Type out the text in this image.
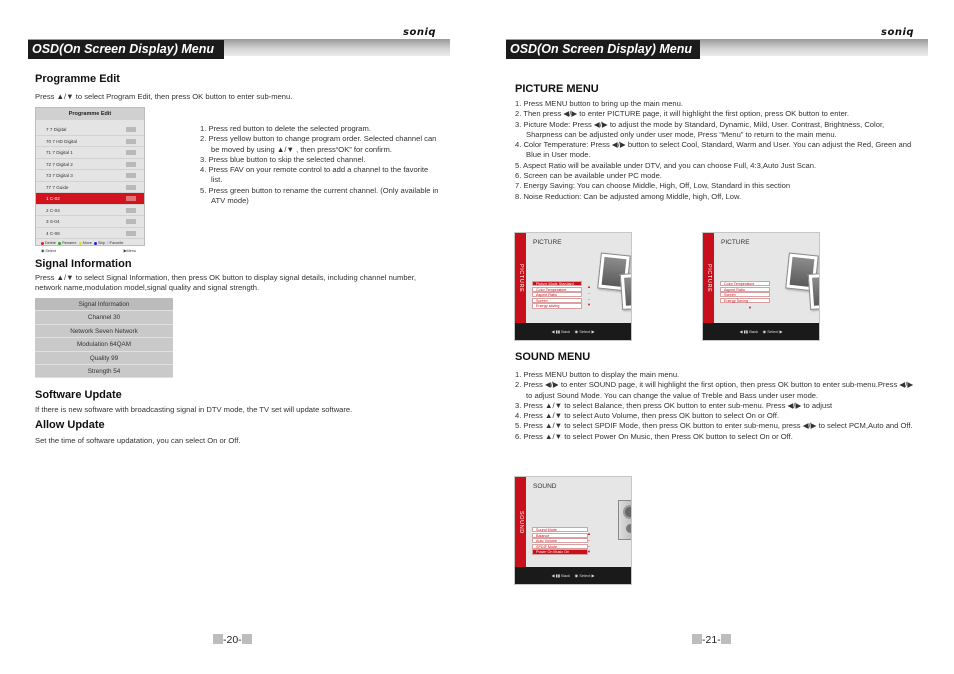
soniq
OSD(On Screen Display) Menu
Programme Edit
Press ▲/▼ to select Program Edit, then press OK button to enter sub-menu.
Programme Edit
7 7 Digital
70 7 HD Digital
71 7 Digital 1
72 7 Digital 2
73 7 Digital 3
77 7 Guide
1 C-02
2 C-04
3 S-04
4 C-06
Delete Rename Move Skip □Favorite
◉ Select	▶Menu
1. Press red button to delete the selected program.
2. Press yellow button to change program order. Selected channel can be moved by using ▲/▼ , then press“OK” for confirm.
3. Press blue button to skip the selected channel.
4. Press FAV on your remote control to add a channel to the favorite list.
5. Press green button to rename the current channel. (Only available in ATV mode)
Signal Information
Press ▲/▼ to select Signal Information, then press OK button to display signal details, including channel number, network name,modulation model,signal quality and signal strength.
Signal Information
Channel 30
Network Seven Network
Modulation 64QAM
Quality 99
Strength 54
Software Update
If there is new software with broadcasting signal in DTV mode, the TV set will update software.
Allow Update
Set the time of software updatation, you can select On or Off.
-20-
soniq
OSD(On Screen Display) Menu
PICTURE MENU
1. Press MENU button to bring up the main menu.
2. Then press ◀/▶ to enter PICTURE page, it will highlight the first option, press OK button to enter.
3. Picture Mode: Press ◀/▶ to adjust the mode by Standard, Dynamic, Mild, User. Contrast, Brightness, Color, Sharpness can be adjusted only under user mode, Press “Menu” to return to the main menu.
4. Color Temperature: Press ◀/▶ button to select Cool, Standard, Warm and User. You can adjust the Red, Green and Blue in User mode.
5. Aspect Ratio will be available under DTV, and you can choose Full, 4:3,Auto Just Scan.
6. Screen can be available under PC mode.
7. Energy Saving: You can choose Middle, High, Off, Low, Standard in this section
8. Noise Reduction: Can be adjusted among Middle, high, Off, Low.
PICTURE
PICTURE
Picture Mode Standard
Color Temperature
Aspect Ratio
Screen
Energy saving
▲
–
–
▼
◀ ▮▮ Back ◉ Select ▶
PICTURE
PICTURE
Color Temperature
Aspect Ratio
Screen
Energy Saving
▼
◀ ▮▮ Back ◉ Select ▶
SOUND MENU
1. Press MENU button to display the main menu.
2. Press ◀/▶ to enter SOUND page, it will highlight the first option, then press OK button to enter sub-menu.Press ◀/▶ to adjust Sound Mode. You can change the value of Treble and Bass under user mode.
3. Press ▲/▼ to select Balance, then press OK button to enter sub-menu. Press ◀/▶ to adjust
4. Press ▲/▼ to select Auto Volume, then press OK button to select On or Off.
5. Press ▲/▼ to select SPDIF Mode, then press OK button to enter sub-menu, press ◀/▶ to select PCM,Auto and Off.
6. Press ▲/▼ to select Power On Music, then Press OK button to select On or Off.
SOUND
SOUND
Sound Mode
Balance
Auto Volume
SPDIF Mode
Power On Music On
▲
–
–
▼
◀ ▮▮ Back ◉ Select ▶
-21-
